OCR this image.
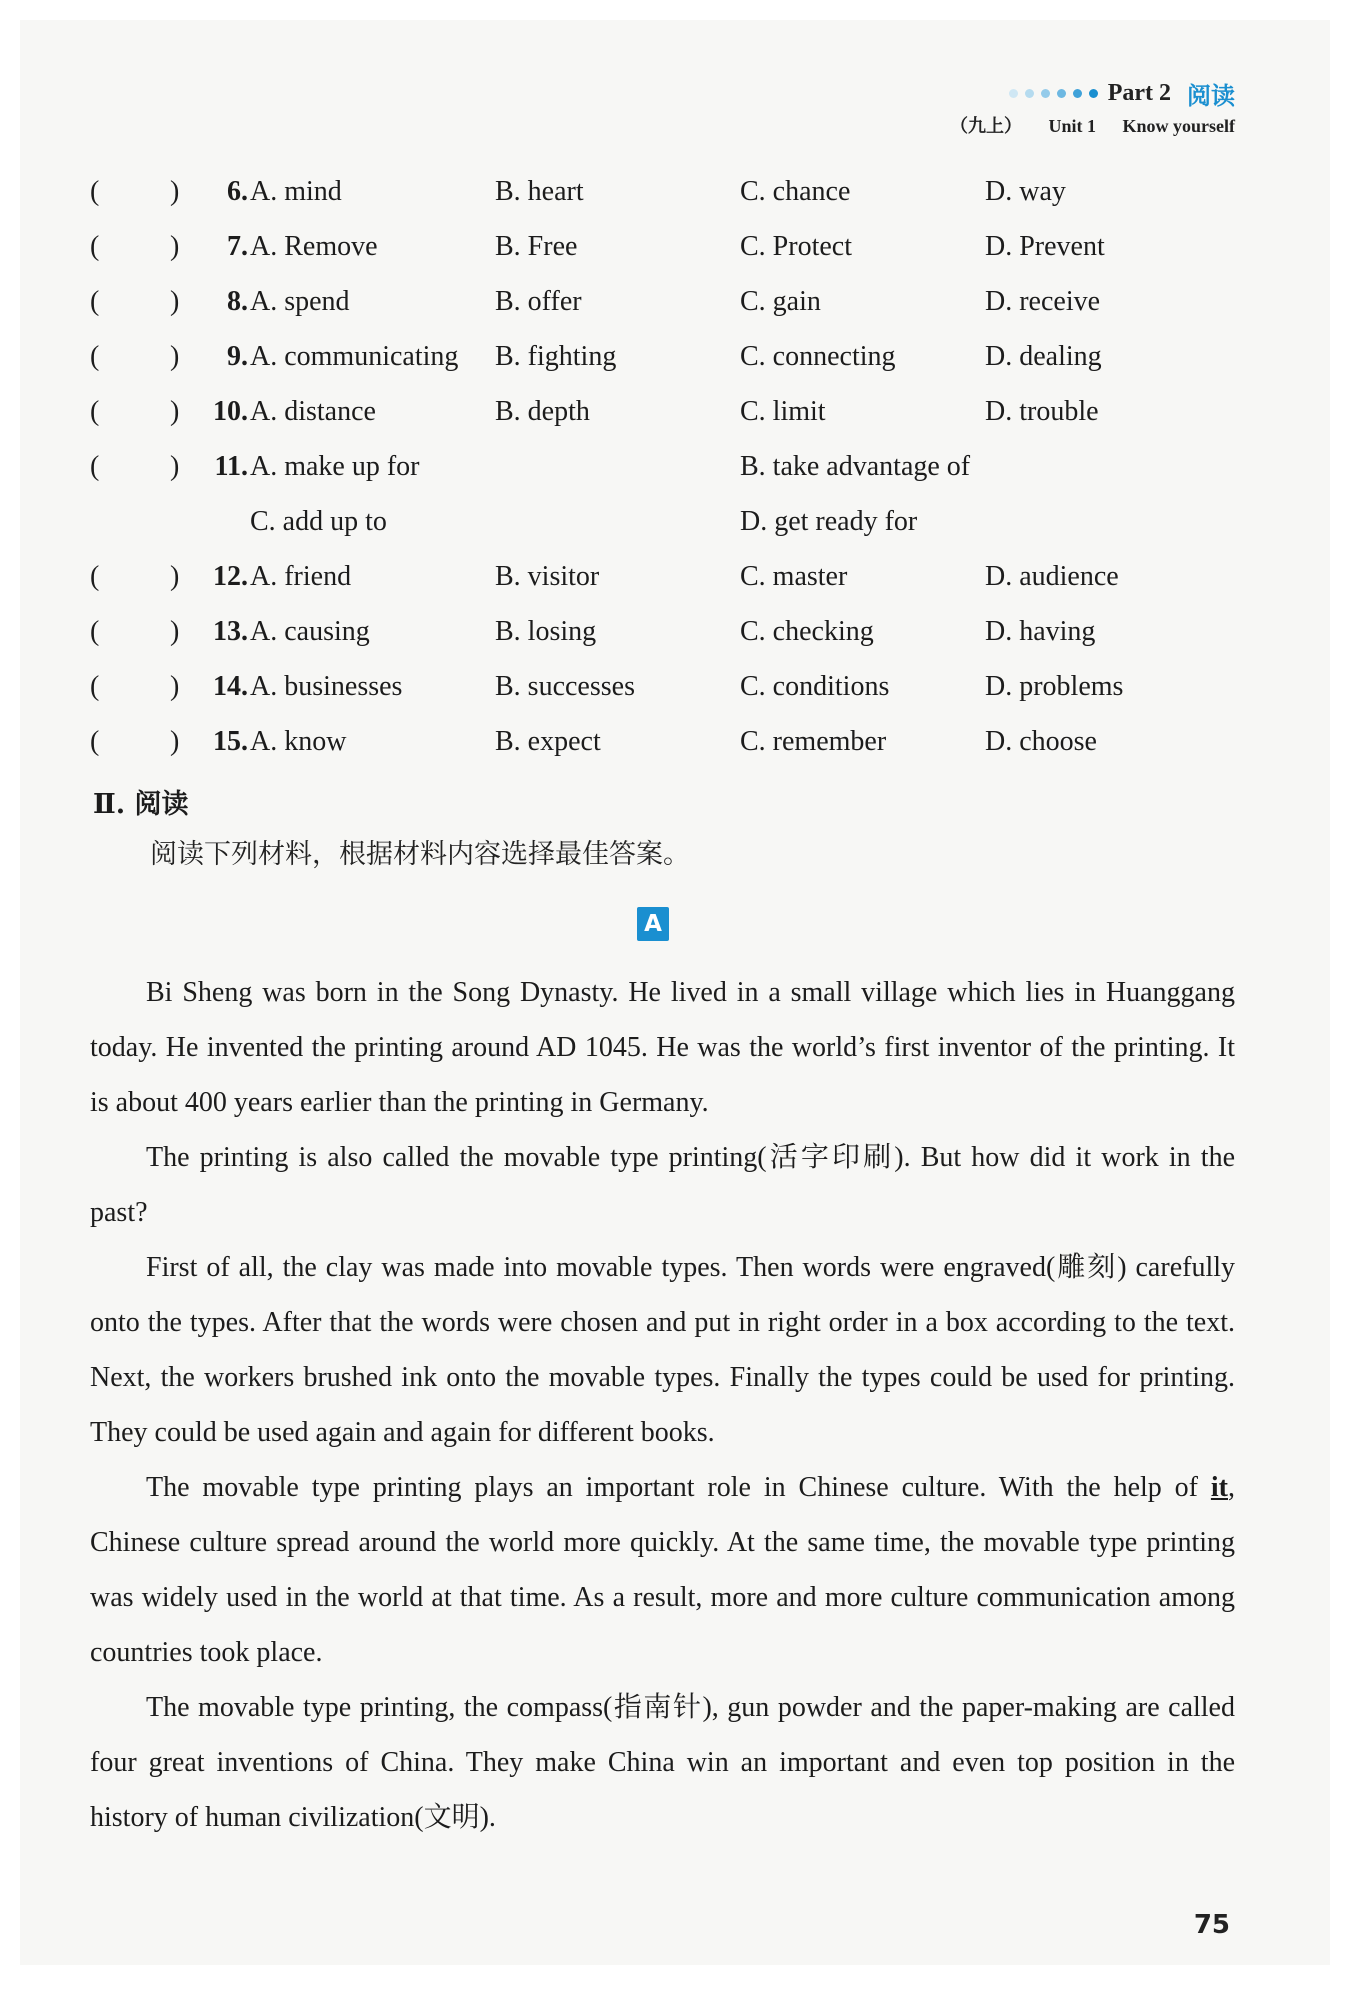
Part 2 阅读
（九上） Unit 1 Know yourself
(	)	6. A. mind	B. heart	C. chance	D. way
(	)	7. A. Remove	B. Free	C. Protect	D. Prevent
(	)	8. A. spend	B. offer	C. gain	D. receive
(	)	9. A. communicating B. fighting	C. connecting	D. dealing
(	)	10. A. distance	B. depth	C. limit	D. trouble
(	)	11. A. make up for	B. take advantage of
C. add up to	D. get ready for
(	)	12. A. friend	B. visitor	C. master	D. audience
(	)	13. A. causing	B. losing	C. checking	D. having
(	)	14. A. businesses	B. successes	C. conditions	D. problems
(	)	15. A. know	B. expect	C. remember	D. choose
Ⅱ. 阅读
阅读下列材料，根据材料内容选择最佳答案。
A

Bi Sheng was born in the Song Dynasty. He lived in a small village which lies in Huanggang today. He invented the printing around AD 1045. He was the world’s first inventor of the printing. It is about 400 years earlier than the printing in Germany.

The printing is also called the movable type printing(活字印刷). But how did it work in the past?

First of all, the clay was made into movable types. Then words were engraved(雕刻) carefully onto the types. After that the words were chosen and put in right order in a box according to the text. Next, the workers brushed ink onto the movable types. Finally the types could be used for printing. They could be used again and again for different books.

The movable type printing plays an important role in Chinese culture. With the help of it, Chinese culture spread around the world more quickly. At the same time, the movable type printing was widely used in the world at that time. As a result, more and more culture communication among countries took place.

The movable type printing, the compass(指南针), gun powder and the paper-making are called four great inventions of China. They make China win an important and even top position in the history of human civilization(文明).

75
